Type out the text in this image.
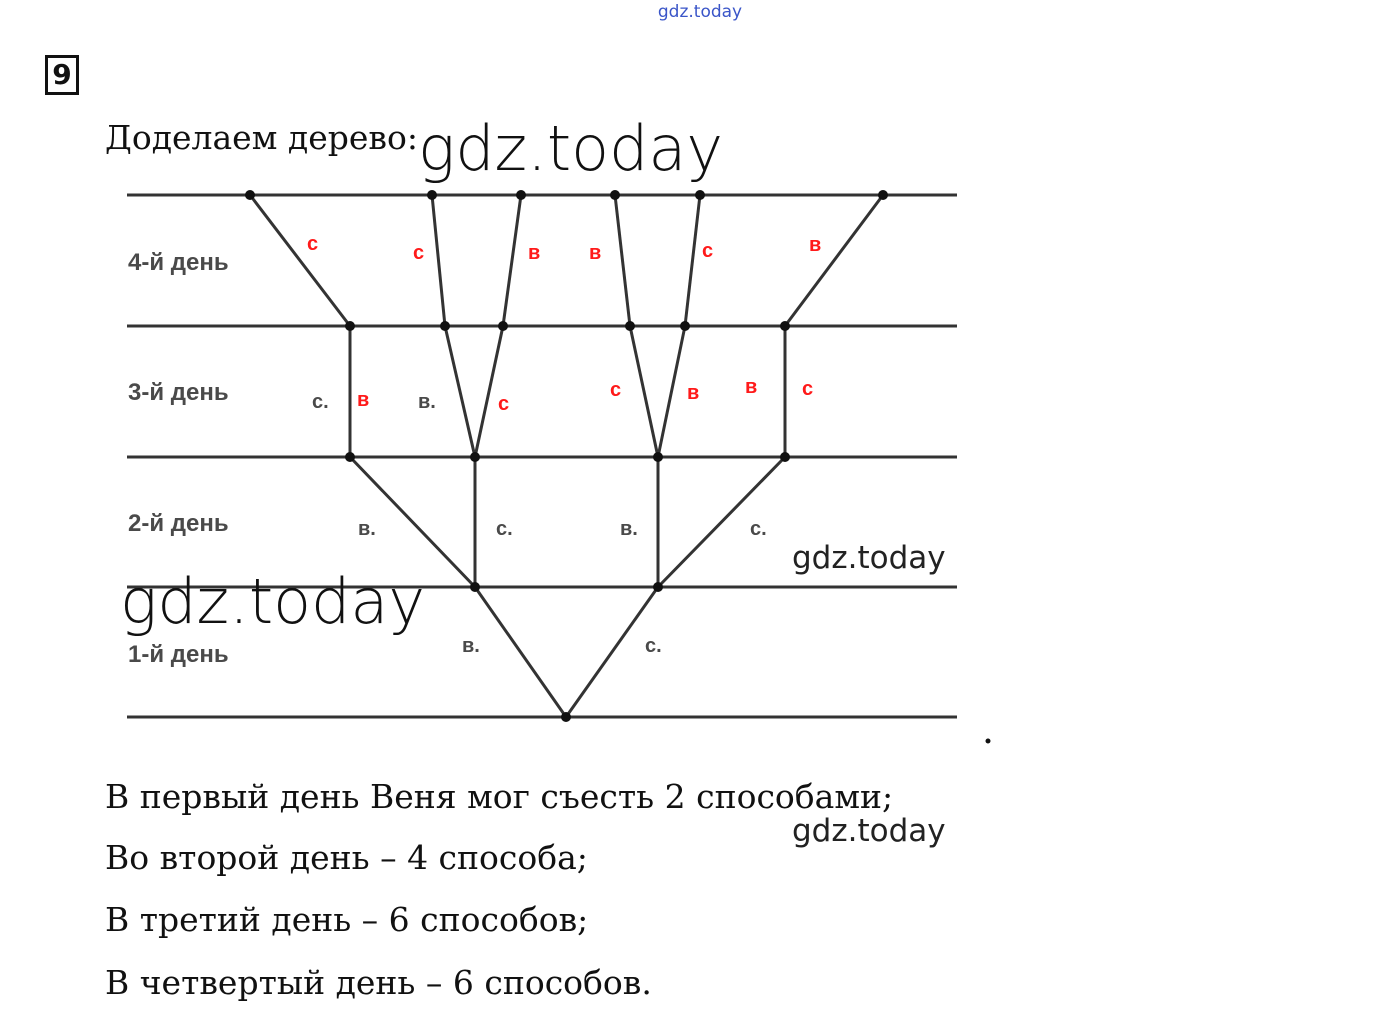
gdz.today
9
Доделаем дерево:
4-й день
3-й день
2-й день
1-й день
с.	в.
в.	с.	в.	с.
в.	с.
с	с	в в	с	в
в	с
с	в в с
gdz.today
gdz.today
gdz.today
gdz.today
В первый день Веня мог съесть 2 способами;
Во второй день – 4 способа;
В третий день – 6 способов;
В четвертый день – 6 способов.
